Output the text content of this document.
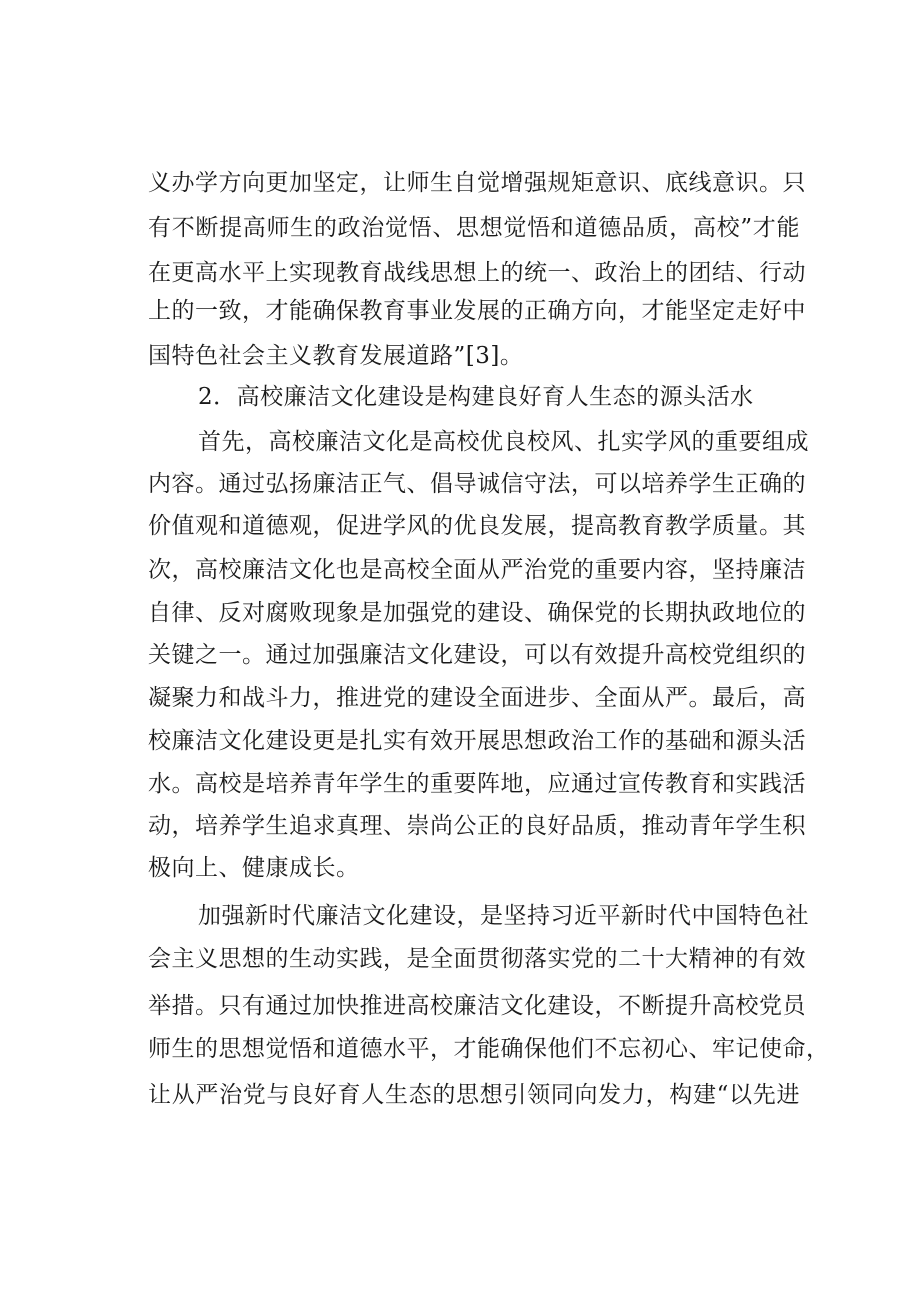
义办学方向更加坚定，让师生自觉增强规矩意识、底线意识。只
有不断提高师生的政治觉悟、思想觉悟和道德品质，高校”才能
在更高水平上实现教育战线思想上的统一、政治上的团结、行动
上的一致，才能确保教育事业发展的正确方向，才能坚定走好中
国特色社会主义教育发展道路”[3]。
2．高校廉洁文化建设是构建良好育人生态的源头活水
首先，高校廉洁文化是高校优良校风、扎实学风的重要组成
内容。通过弘扬廉洁正气、倡导诚信守法，可以培养学生正确的
价值观和道德观，促进学风的优良发展，提高教育教学质量。其
次，高校廉洁文化也是高校全面从严治党的重要内容，坚持廉洁
自律、反对腐败现象是加强党的建设、确保党的长期执政地位的
关键之一。通过加强廉洁文化建设，可以有效提升高校党组织的
凝聚力和战斗力，推进党的建设全面进步、全面从严。最后，高
校廉洁文化建设更是扎实有效开展思想政治工作的基础和源头活
水。高校是培养青年学生的重要阵地，应通过宣传教育和实践活
动，培养学生追求真理、崇尚公正的良好品质，推动青年学生积
极向上、健康成长。
加强新时代廉洁文化建设，是坚持习近平新时代中国特色社
会主义思想的生动实践，是全面贯彻落实党的二十大精神的有效
举措。只有通过加快推进高校廉洁文化建设，不断提升高校党员
师生的思想觉悟和道德水平，才能确保他们不忘初心、牢记使命，
让从严治党与良好育人生态的思想引领同向发力，构建“以先进
